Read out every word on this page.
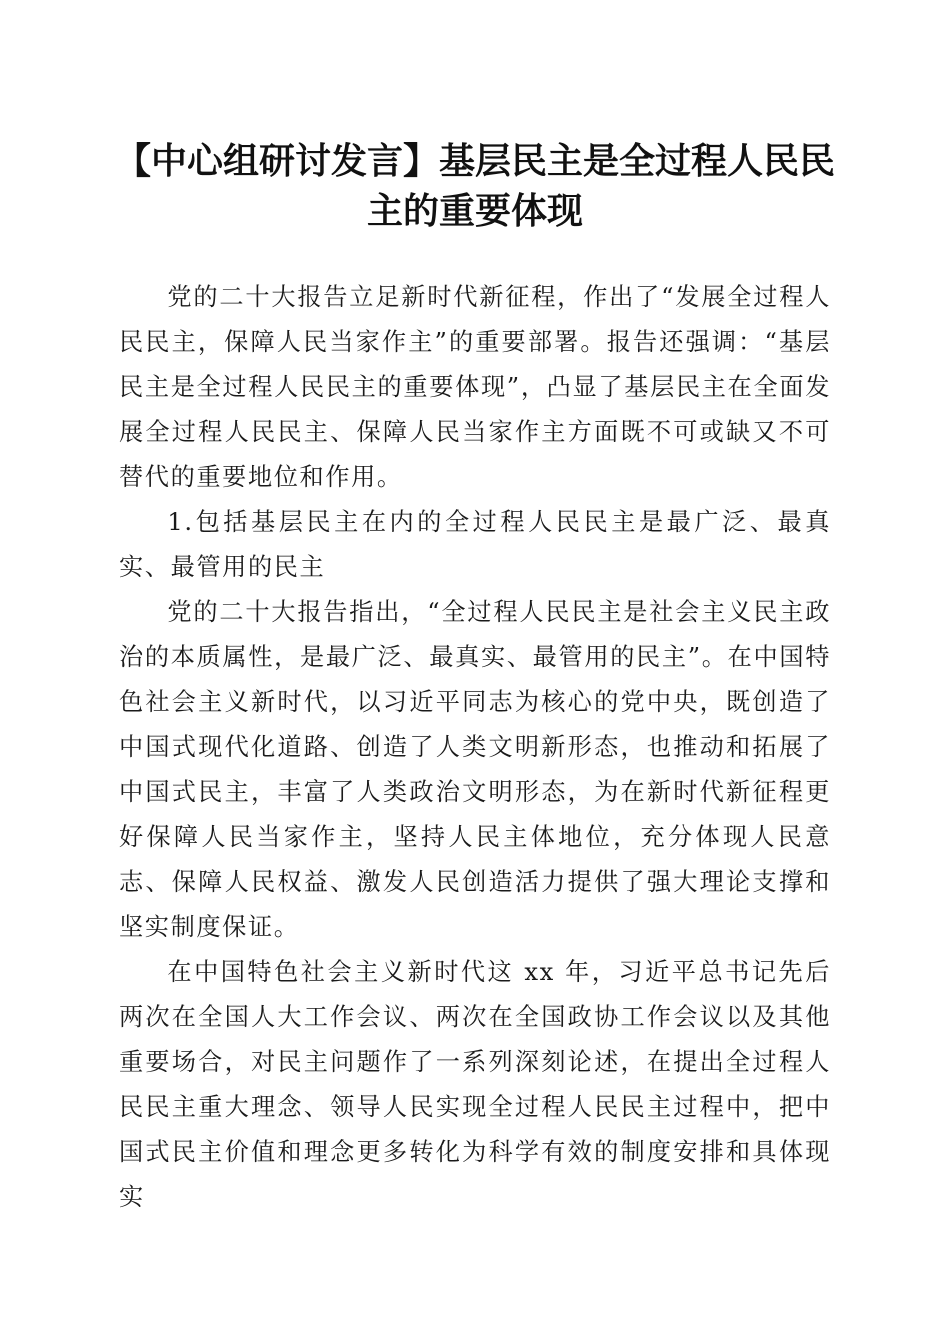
【中心组研讨发言】基层民主是全过程人民民
主的重要体现

党的二十大报告立足新时代新征程，作出了“发展全过程人民民主，保障人民当家作主”的重要部署。报告还强调：“基层民主是全过程人民民主的重要体现”，凸显了基层民主在全面发展全过程人民民主、保障人民当家作主方面既不可或缺又不可替代的重要地位和作用。

1.包括基层民主在内的全过程人民民主是最广泛、最真实、最管用的民主

党的二十大报告指出，“全过程人民民主是社会主义民主政治的本质属性，是最广泛、最真实、最管用的民主”。在中国特色社会主义新时代，以习近平同志为核心的党中央，既创造了中国式现代化道路、创造了人类文明新形态，也推动和拓展了中国式民主，丰富了人类政治文明形态，为在新时代新征程更好保障人民当家作主，坚持人民主体地位，充分体现人民意志、保障人民权益、激发人民创造活力提供了强大理论支撑和坚实制度保证。

在中国特色社会主义新时代这 xx 年，习近平总书记先后两次在全国人大工作会议、两次在全国政协工作会议以及其他重要场合，对民主问题作了一系列深刻论述，在提出全过程人民民主重大理念、领导人民实现全过程人民民主过程中，把中国式民主价值和理念更多转化为科学有效的制度安排和具体现实
